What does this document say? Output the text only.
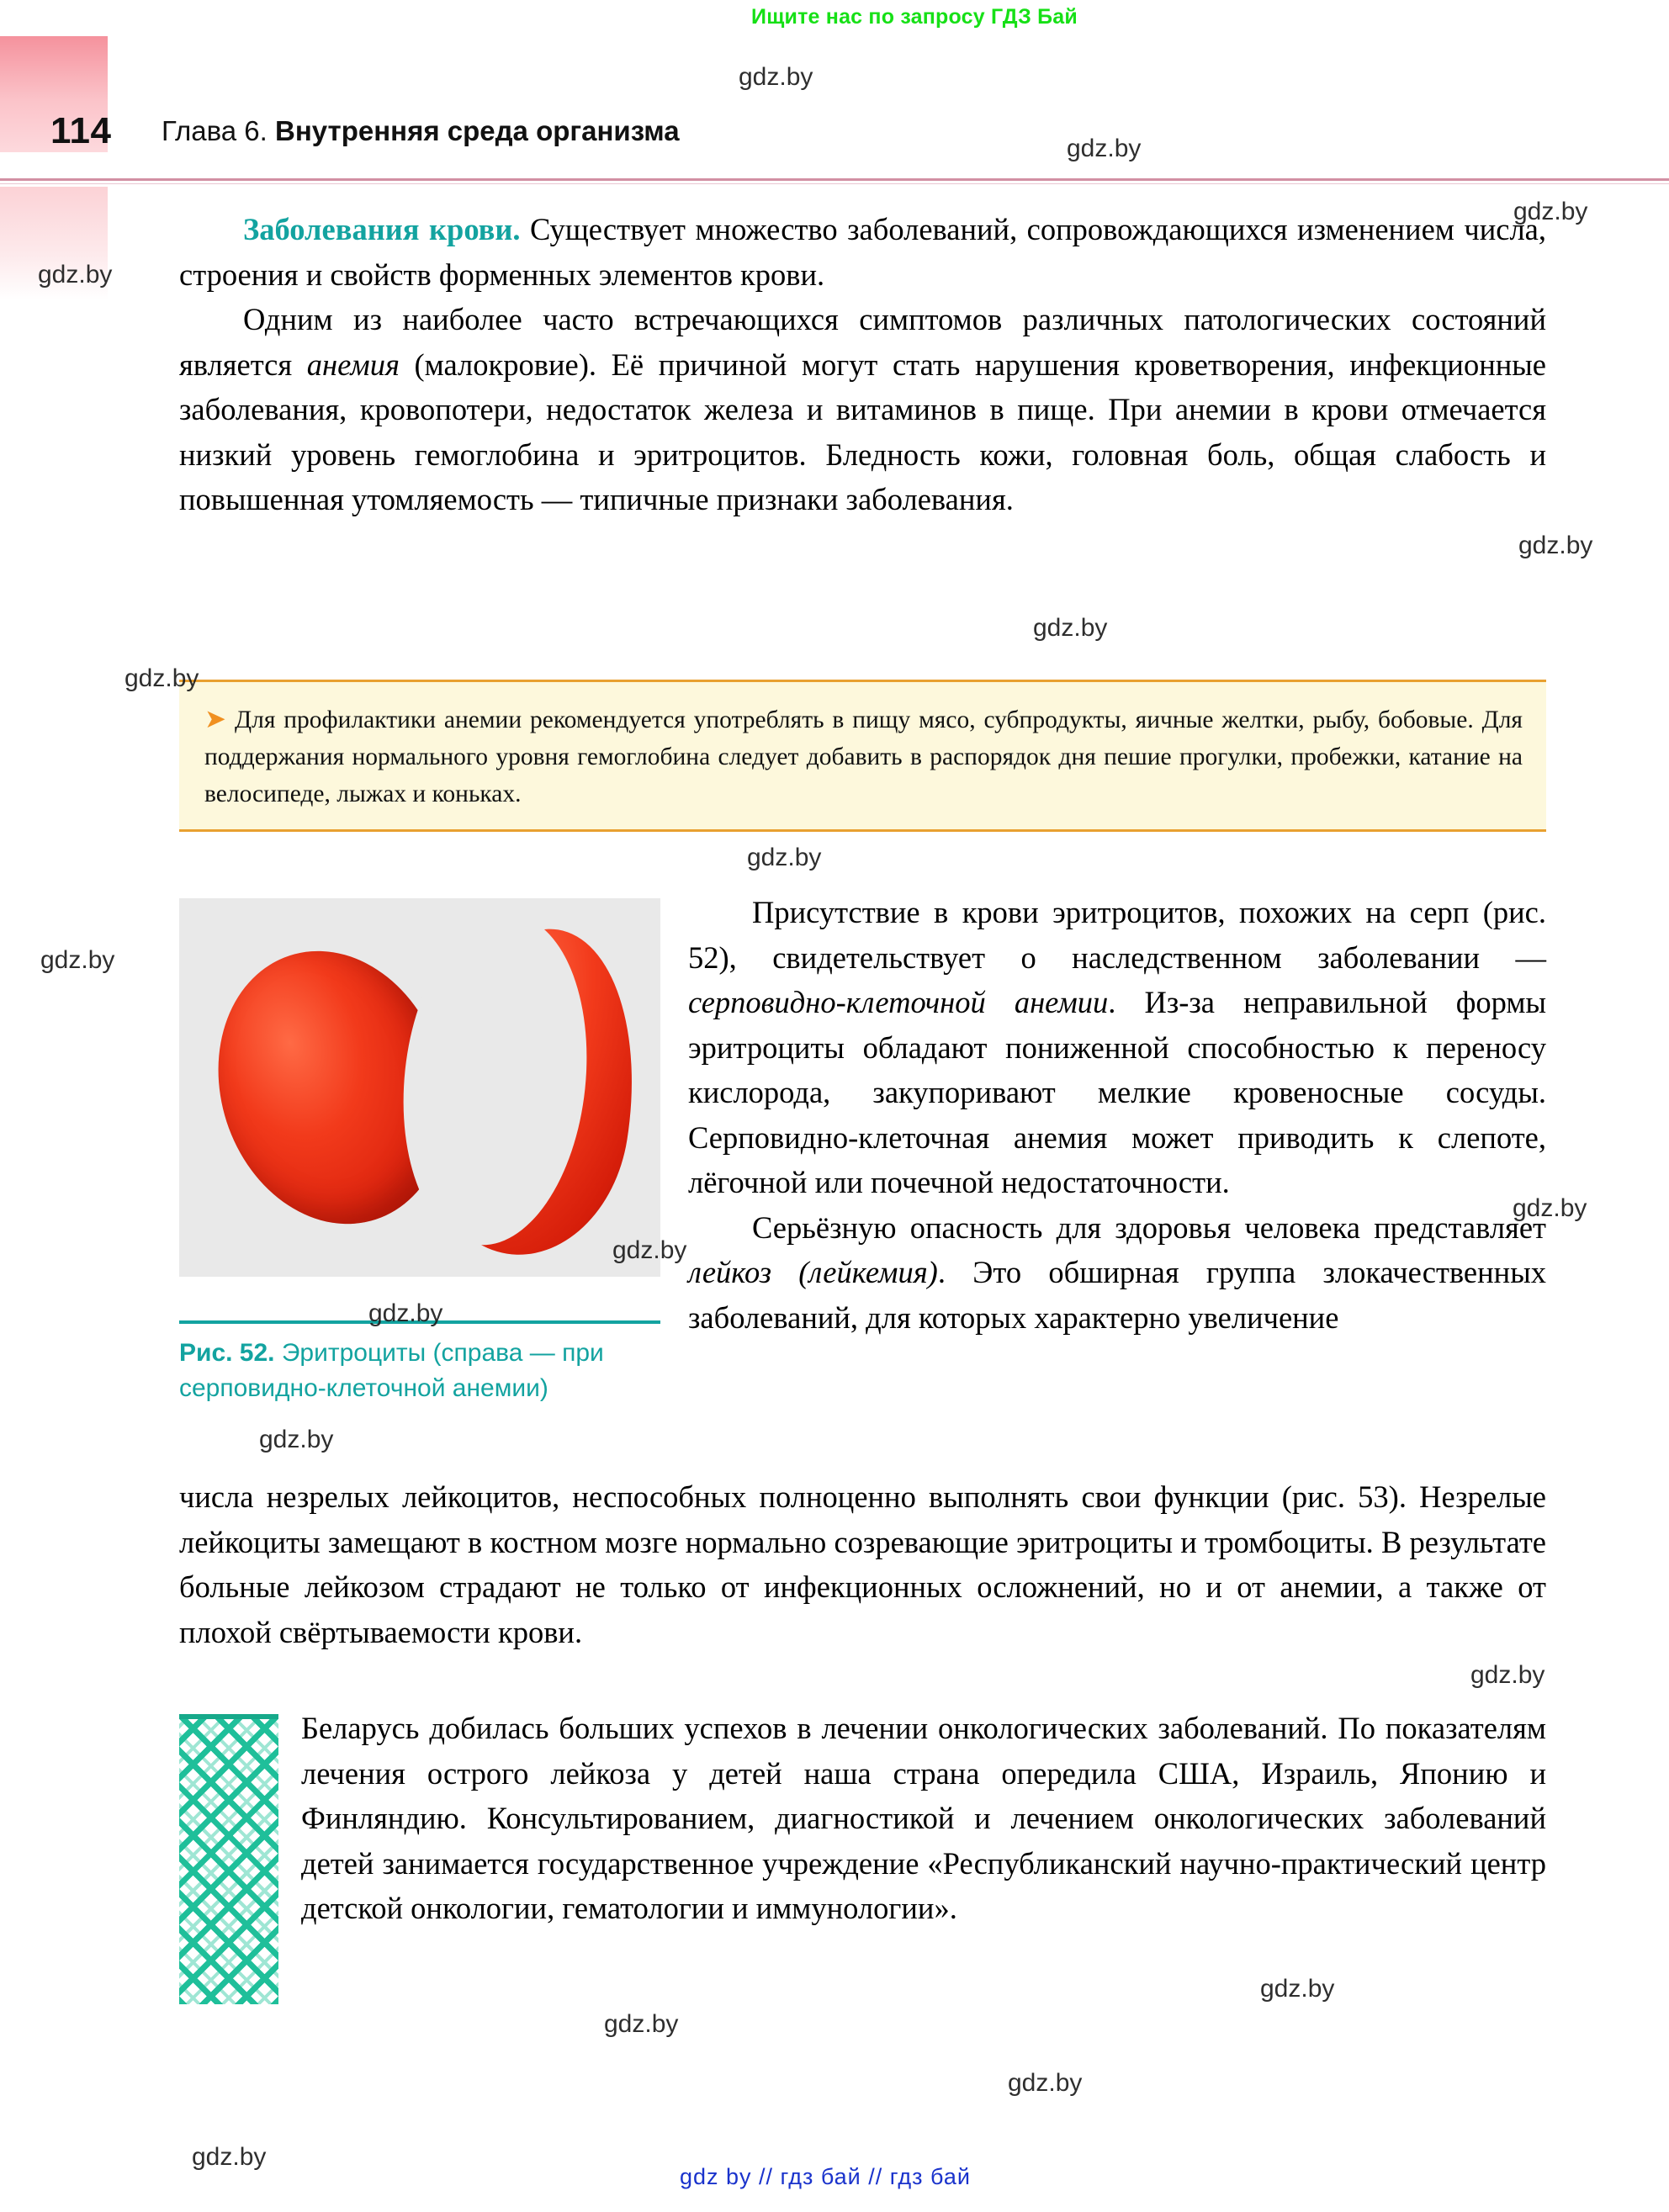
Ищите нас по запросу ГДЗ Бай
114 Глава 6. Внутренняя среда организма

Заболевания крови. Существует множество заболеваний, сопровождающихся изменением числа, строения и свойств форменных элементов крови.

Одним из наиболее часто встречающихся симптомов различных патологических состояний является анемия (малокровие). Её причиной могут стать нарушения кроветворения, инфекционные заболевания, кровопотери, недостаток железа и витаминов в пище. При анемии в крови отмечается низкий уровень гемоглобина и эритроцитов. Бледность кожи, головная боль, общая слабость и повышенная утомляемость — типичные признаки заболевания.

➤ Для профилактики анемии рекомендуется употреблять в пищу мясо, субпродукты, яичные желтки, рыбу, бобовые. Для поддержания нормального уровня гемоглобина следует добавить в распорядок дня пешие прогулки, пробежки, катание на велосипеде, лыжах и коньках.
Рис. 52. Эритроциты (справа — при серповидно-клеточной анемии)

Присутствие в крови эритроцитов, похожих на серп (рис. 52), свидетельствует о наследственном заболевании — серповидно-клеточной анемии. Из-за неправильной формы эритроциты обладают пониженной способностью к переносу кислорода, закупоривают мелкие кровеносные сосуды. Серповидно-клеточная анемия может приводить к слепоте, лёгочной или почечной недостаточности.

Серьёзную опасность для здоровья человека представляет лейкоз (лейкемия). Это обширная группа злокачественных заболеваний, для которых характерно увеличение

числа незрелых лейкоцитов, неспособных полноценно выполнять свои функции (рис. 53). Незрелые лейкоциты замещают в костном мозге нормально созревающие эритроциты и тромбоциты. В результате больные лейкозом страдают не только от инфекционных осложнений, но и от анемии, а также от плохой свёртываемости крови.

Беларусь добилась больших успехов в лечении онкологических заболеваний. По показателям лечения острого лейкоза у детей наша страна опередила США, Израиль, Японию и Финляндию. Консультированием, диагностикой и лечением онкологических заболеваний детей занимается государственное учреждение «Республиканский научно-практический центр детской онкологии, гематологии и иммунологии».

gdz.by
gdz.by
gdz.by
gdz.by
gdz.by
gdz.by
gdz.by
gdz.by
gdz.by
gdz.by
gdz.by
gdz.by
gdz.by
gdz.by
gdz.by
gdz.by
gdz.by
gdz.by
gdz by // гдз бай // гдз бай
